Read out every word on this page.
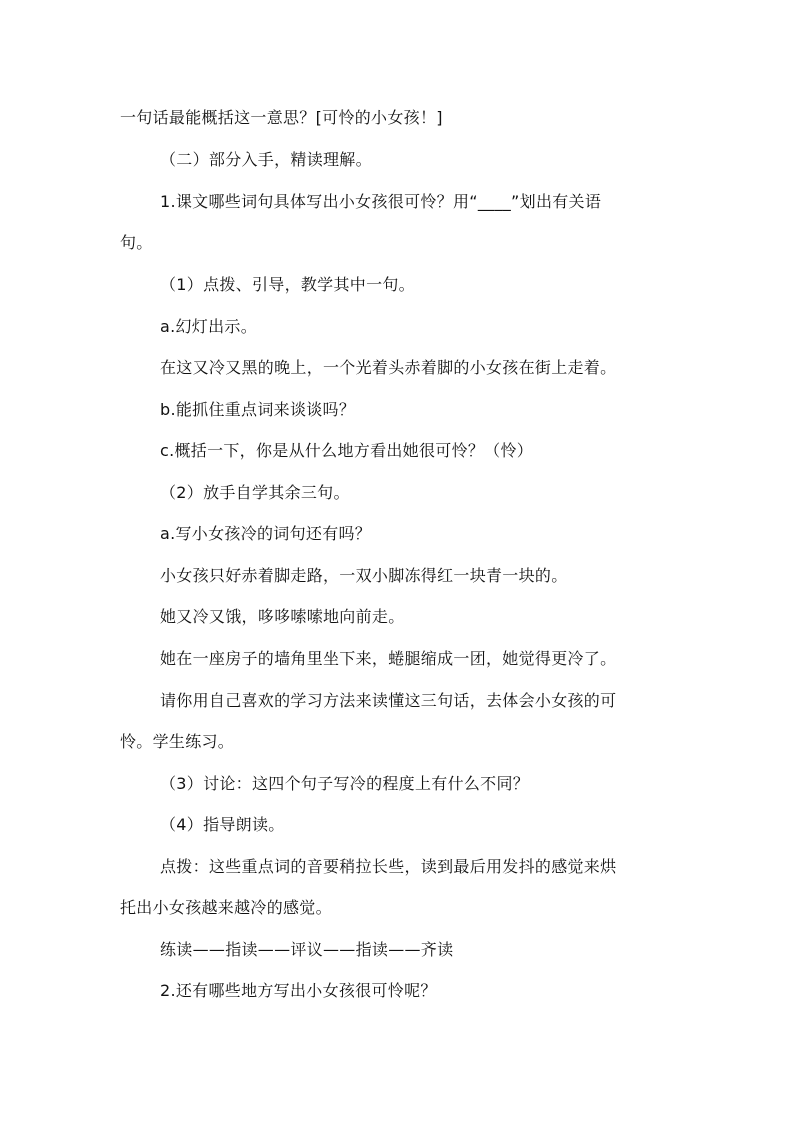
一句话最能概括这一意思？[可怜的小女孩！]
（二）部分入手，精读理解。
1.课文哪些词句具体写出小女孩很可怜？用“____”划出有关语
句。
（1）点拨、引导，教学其中一句。
a.幻灯出示。
在这又冷又黑的晚上，一个光着头赤着脚的小女孩在街上走着。
b.能抓住重点词来谈谈吗？
c.概括一下，你是从什么地方看出她很可怜？（怜）
（2）放手自学其余三句。
a.写小女孩冷的词句还有吗？
小女孩只好赤着脚走路，一双小脚冻得红一块青一块的。
她又冷又饿，哆哆嗦嗦地向前走。
她在一座房子的墙角里坐下来，蜷腿缩成一团，她觉得更冷了。
请你用自己喜欢的学习方法来读懂这三句话，去体会小女孩的可
怜。学生练习。
（3）讨论：这四个句子写冷的程度上有什么不同？
（4）指导朗读。
点拨：这些重点词的音要稍拉长些，读到最后用发抖的感觉来烘
托出小女孩越来越冷的感觉。
练读——指读——评议——指读——齐读
2.还有哪些地方写出小女孩很可怜呢？
